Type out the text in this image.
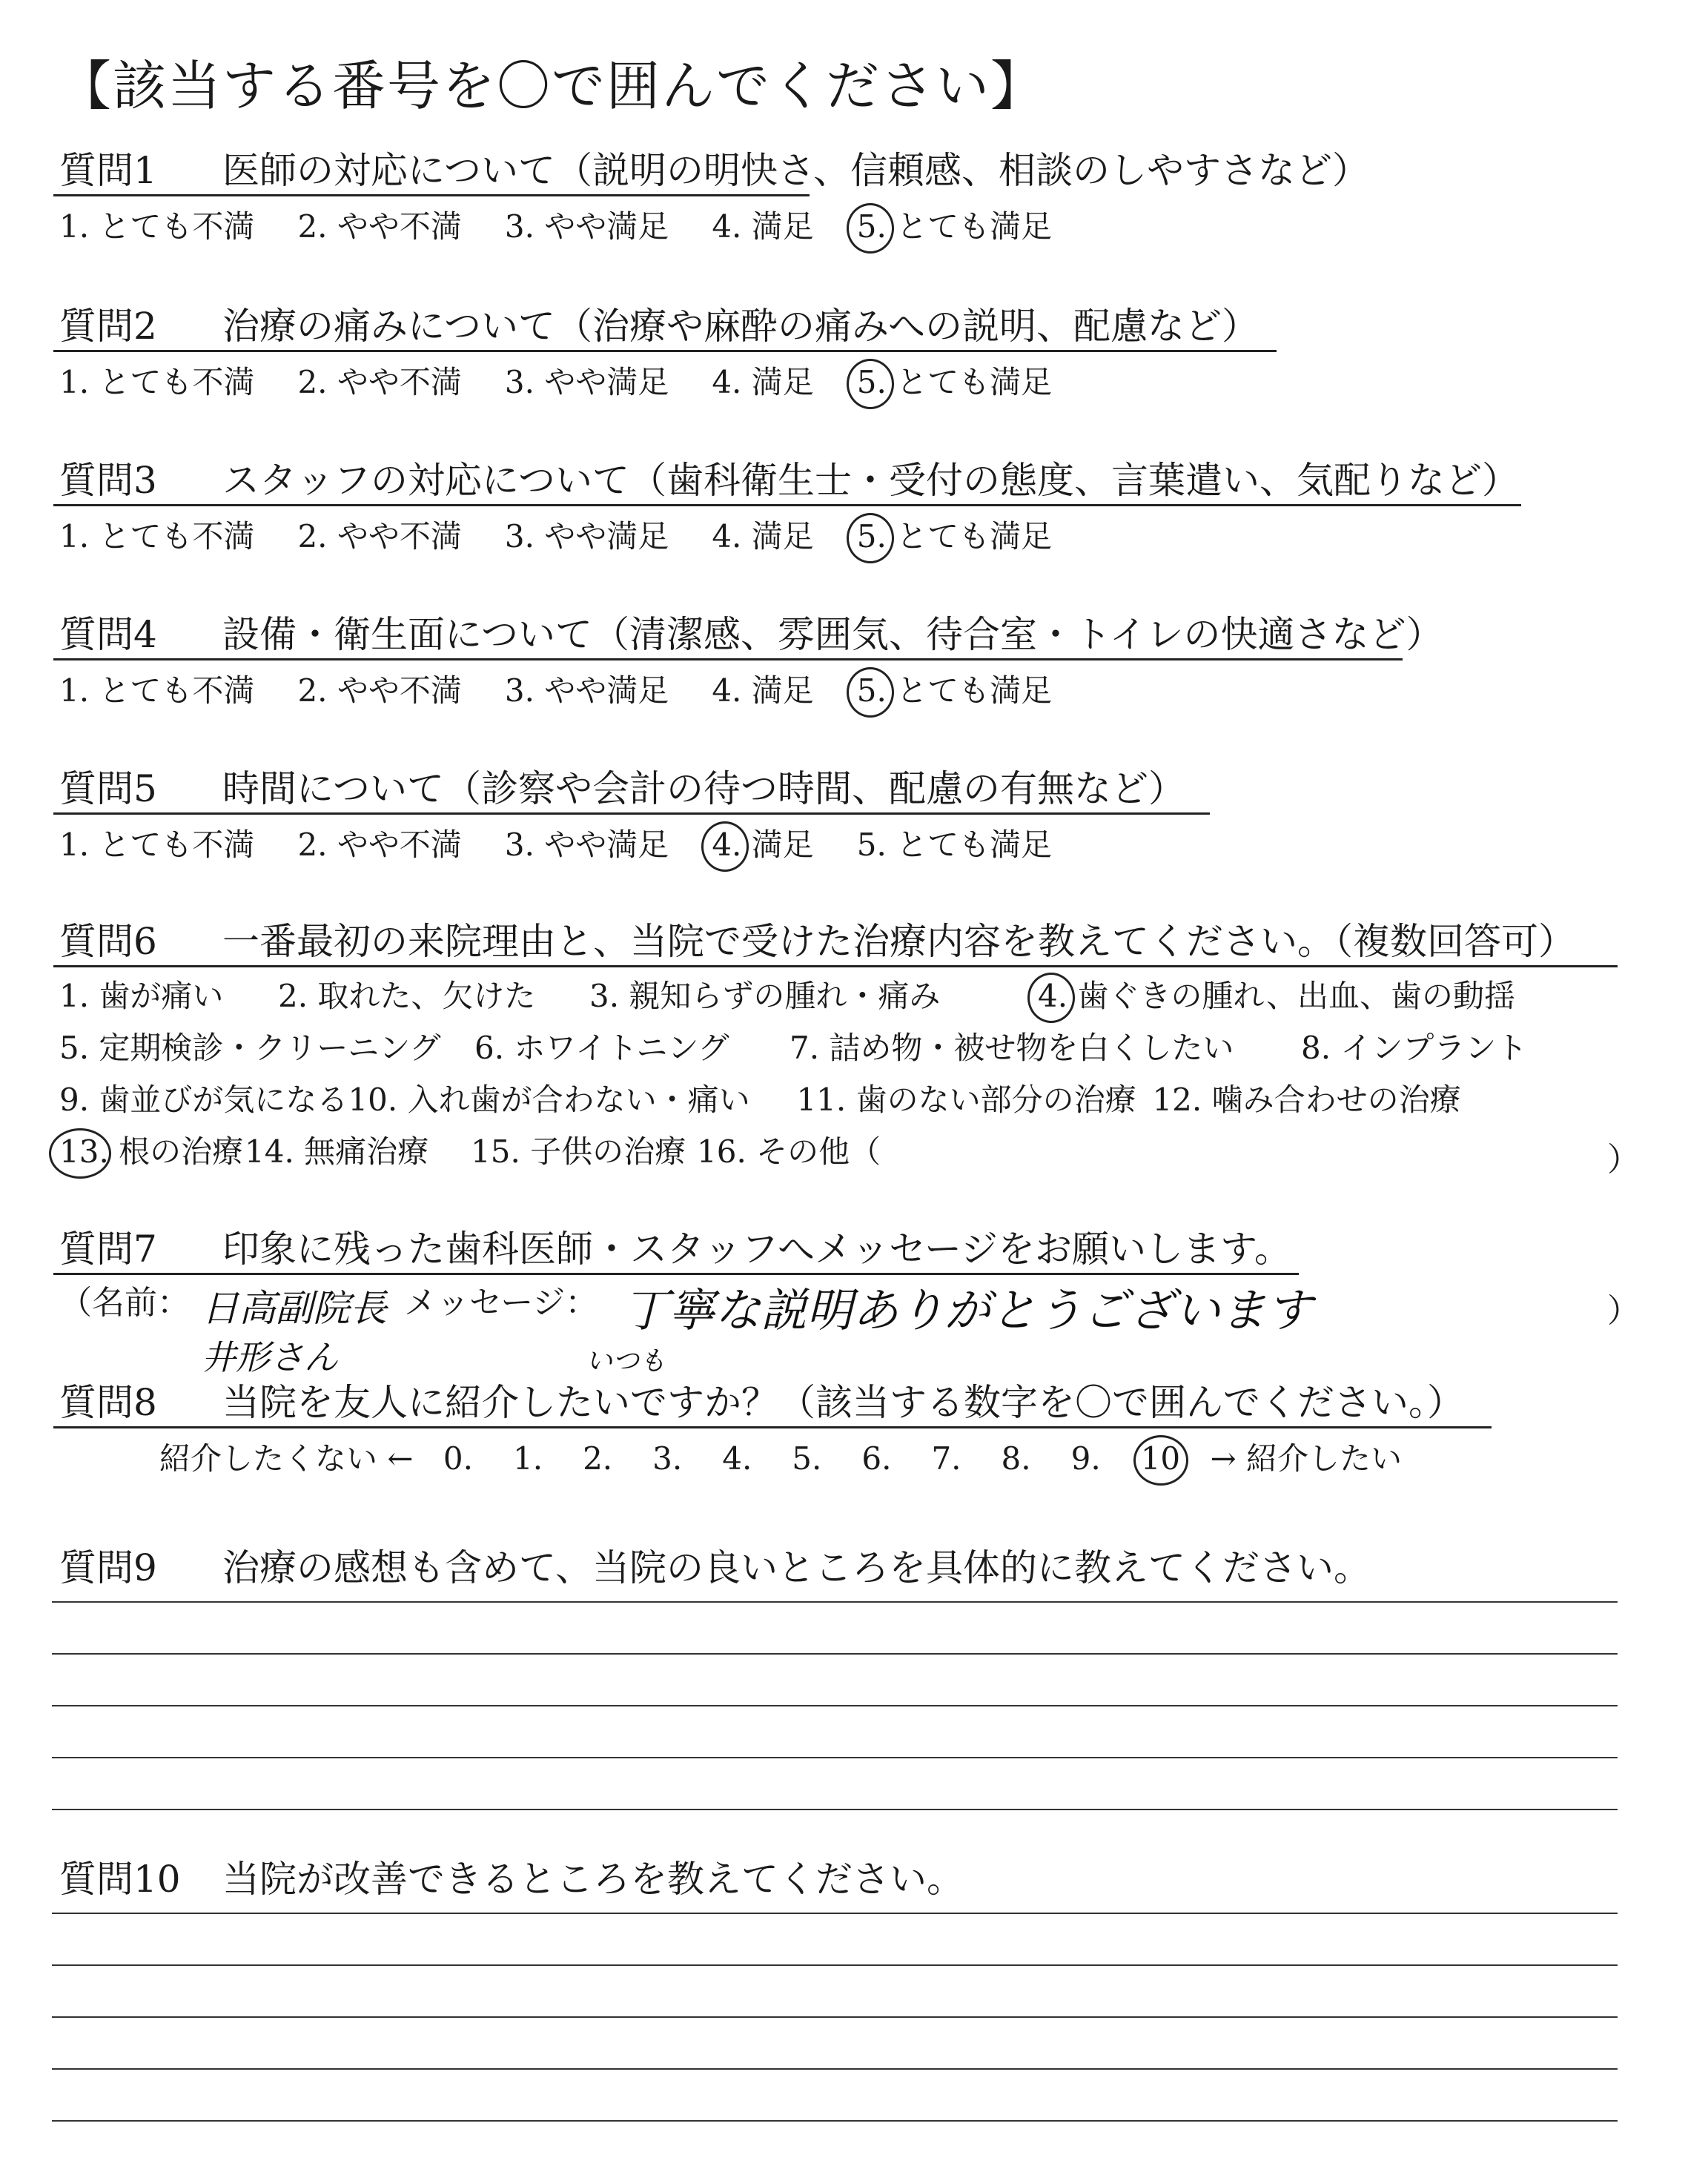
【該当する番号を〇で囲んでください】
質問1 医師の対応について（説明の明快さ、信頼感、相談のしやすさなど）
1. とても不満 2. やや不満 3. やや満足 4. 満足 5. とても満足
質問2 治療の痛みについて（治療や麻酔の痛みへの説明、配慮など）
1. とても不満 2. やや不満 3. やや満足 4. 満足 5. とても満足
質問3 スタッフの対応について（歯科衛生士・受付の態度、言葉遣い、気配りなど）
1. とても不満 2. やや不満 3. やや満足 4. 満足 5. とても満足
質問4 設備・衛生面について（清潔感、雰囲気、待合室・トイレの快適さなど）
1. とても不満 2. やや不満 3. やや満足 4. 満足 5. とても満足
質問5 時間について（診察や会計の待つ時間、配慮の有無など）
1. とても不満 2. やや不満 3. やや満足 4. 満足 5. とても満足
質問6 一番最初の来院理由と、当院で受けた治療内容を教えてください。（複数回答可）
1. 歯が痛い 2. 取れた、欠けた 3. 親知らずの腫れ・痛み	4. 歯ぐきの腫れ、出血、歯の動揺
5. 定期検診・クリーニング 6. ホワイトニング 7. 詰め物・被せ物を白くしたい 8. インプラント
9. 歯並びが気になる10. 入れ歯が合わない・痛い 11. 歯のない部分の治療 12. 噛み合わせの治療
13. 根の治療
14. 無痛治療 15. 子供の治療 16. その他（	）
質問7 印象に残った歯科医師・スタッフへメッセージをお願いします。
（名前： 日高副院長 メッセージ： 丁寧な説明ありがとうございます	）
井形さん	いつも
質問8 当院を友人に紹介したいですか？（該当する数字を〇で囲んでください。）
紹介したくない ← 0. 1. 2. 3. 4. 5. 6. 7. 8. 9. 10 → 紹介したい
質問9 治療の感想も含めて、当院の良いところを具体的に教えてください。
質問10 当院が改善できるところを教えてください。
